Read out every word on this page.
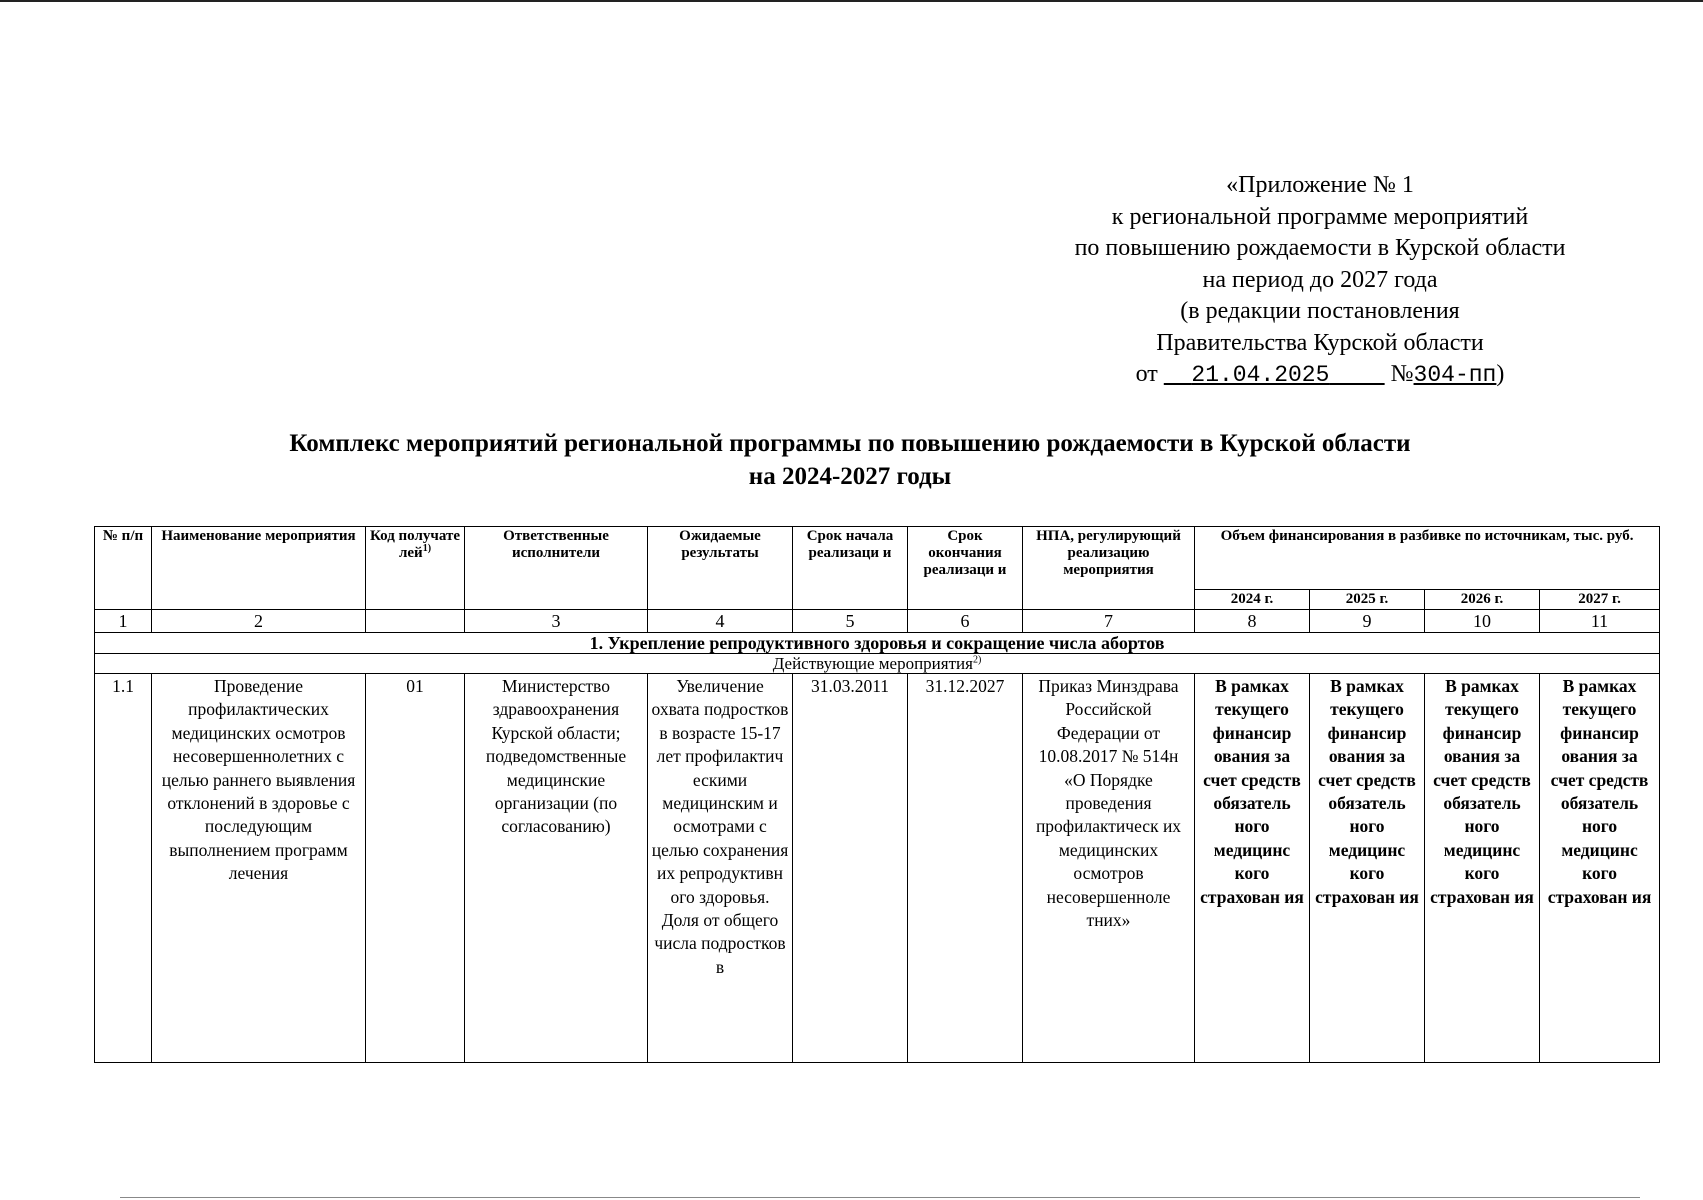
«Приложение № 1
к региональной программе мероприятий
по повышению рождаемости в Курской области
на период до 2027 года
(в редакции постановления
Правительства Курской области
от 21.04.2025	№304-пп)
Комплекс мероприятий региональной программы по повышению рождаемости в Курской области
на 2024-2027 годы
№ п/п	Наименование мероприятия	Код получате лей$^{1)}$	Ответственные исполнители	Ожидаемые результаты	Срок начала реализаци и	Срок окончания реализаци и	НПА, регулирующий реализацию мероприятия	Объем финансирования в разбивке по источникам, тыс. руб.			
								2024 г.	2025 г.	2026 г.	2027 г.
1	2		3	4	5	6	7	8	9	10	11
1. Укрепление репродуктивного здоровья и сокращение числа абортов											
Действующие мероприятия$^{2)}$
1.1	Проведение профилактических медицинских осмотров несовершеннолетних с целью раннего выявления отклонений в здоровье с последующим выполнением программ лечения	01	Министерство здравоохранения Курской области; подведомственные медицинские организации (по согласованию)	Увеличение охвата подростков в возрасте 15-17 лет профилактич ескими медицинским и осмотрами с целью сохранения их репродуктивн ого здоровья. Доля от общего числа подростков в	31.03.2011	31.12.2027	Приказ Минздрава Российской Федерации от 10.08.2017 № 514н «О Порядке проведения профилактическ их медицинских осмотров несовершенноле тних»	В рамках текущего финансир ования за счет средств обязатель ного медицинс кого страхован ия	В рамках текущего финансир ования за счет средств обязатель ного медицинс кого страхован ия	В рамках текущего финансир ования за счет средств обязатель ного медицинс кого страхован ия	В рамках текущего финансир ования за счет средств обязатель ного медицинс кого страхован ия
